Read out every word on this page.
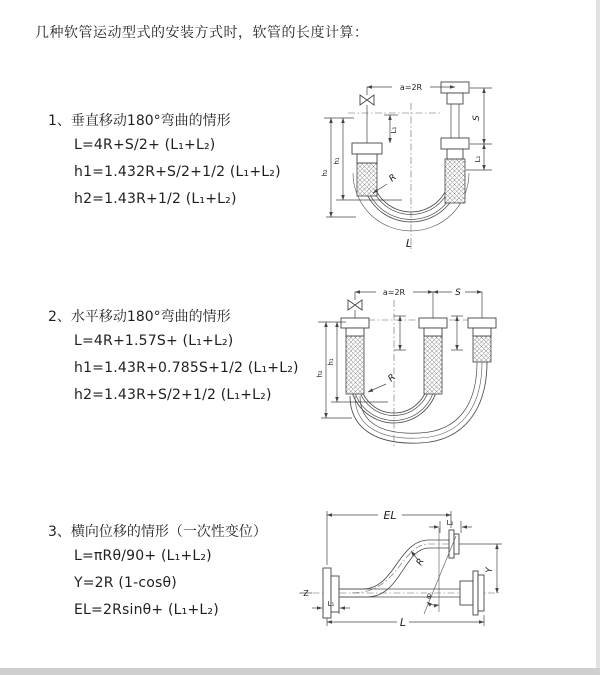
几种软管运动型式的安装方式时，软管的长度计算：
1、垂直移动180°弯曲的情形
L=4R+S/2+ (L₁+L₂)
h1=1.432R+S/2+1/2 (L₁+L₂)
h2=1.43R+1/2 (L₁+L₂)
2、水平移动180°弯曲的情形
L=4R+1.57S+ (L₁+L₂)
h1=1.43R+0.785S+1/2 (L₁+L₂)
h2=1.43R+S/2+1/2 (L₁+L₂)
3、横向位移的情形（一次性变位）
L=πRθ/90+ (L₁+L₂)
Y=2R (1-cosθ)
EL=2Rsinθ+ (L₁+L₂)
a=2R
S
L₁
h₁
h₂
L₁
R
L
a=2R	S
h₁
h₂	R
Z
EL
L₂
Y
θ
R
L₁
L
